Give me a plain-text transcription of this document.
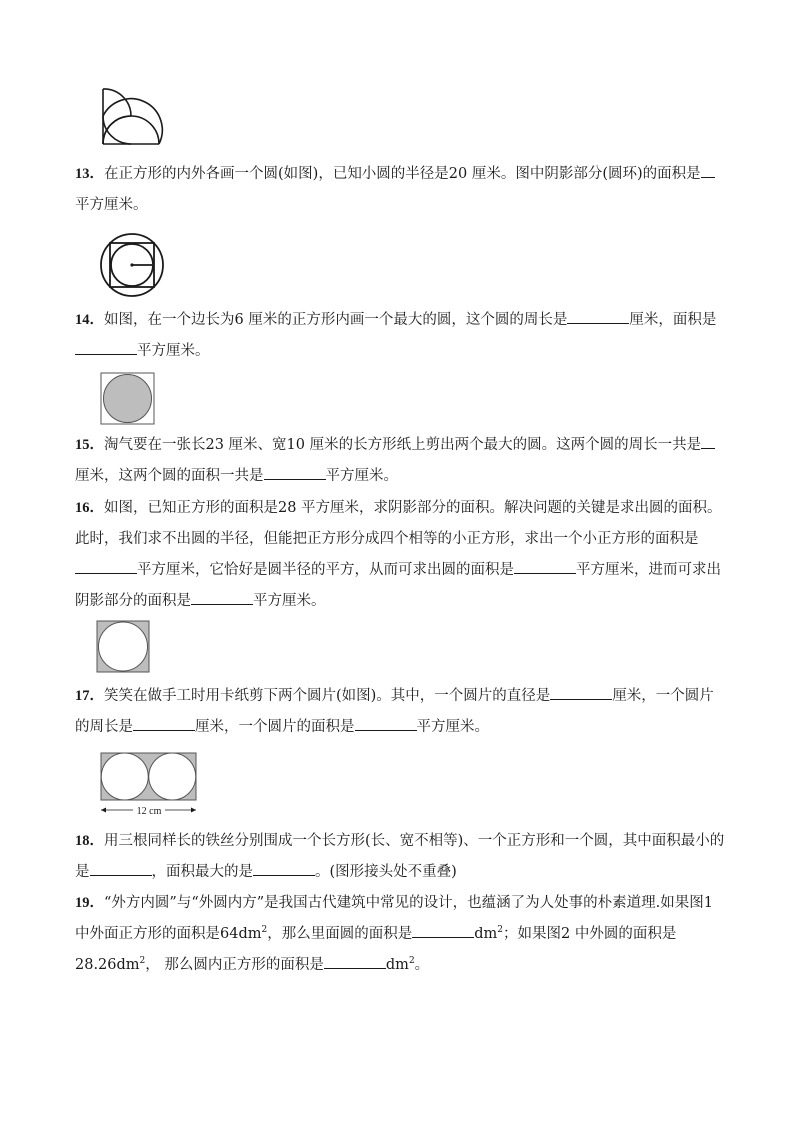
13．在正方形的内外各画一个圆(如图)，已知小圆的半径是20 厘米。图中阴影部分(圆环)的面积是平方厘米。

14．如图，在一个边长为6 厘米的正方形内画一个最大的圆，这个圆的周长是	厘米，面积是平方厘米。

15．淘气要在一张长23 厘米、宽10 厘米的长方形纸上剪出两个最大的圆。这两个圆的周长一共是厘米，这两个圆的面积一共是	平方厘米。

16．如图，已知正方形的面积是28 平方厘米，求阴影部分的面积。解决问题的关键是求出圆的面积。此时，我们求不出圆的半径，但能把正方形分成四个相等的小正方形，求出一个小正方形的面积是平方厘米，它恰好是圆半径的平方，从而可求出圆的面积是	平方厘米，进而可求出阴影部分的面积是	平方厘米。

17．笑笑在做手工时用卡纸剪下两个圆片(如图)。其中，一个圆片的直径是	厘米，一个圆片的周长是	厘米，一个圆片的面积是	平方厘米。

12 cm

18．用三根同样长的铁丝分别围成一个长方形(长、宽不相等)、一个正方形和一个圆，其中面积最小的是	，面积最大的是	。(图形接头处不重叠)

19．“外方内圆”与“外圆内方”是我国古代建筑中常见的设计，也蕴涵了为人处事的朴素道理.如果图1 中外面正方形的面积是$64dm^2$，那么里面圆的面积是	$dm^2$；如果图2 中外圆的面积是$28.26dm^2$， 那么圆内正方形的面积是	$dm^2$。
